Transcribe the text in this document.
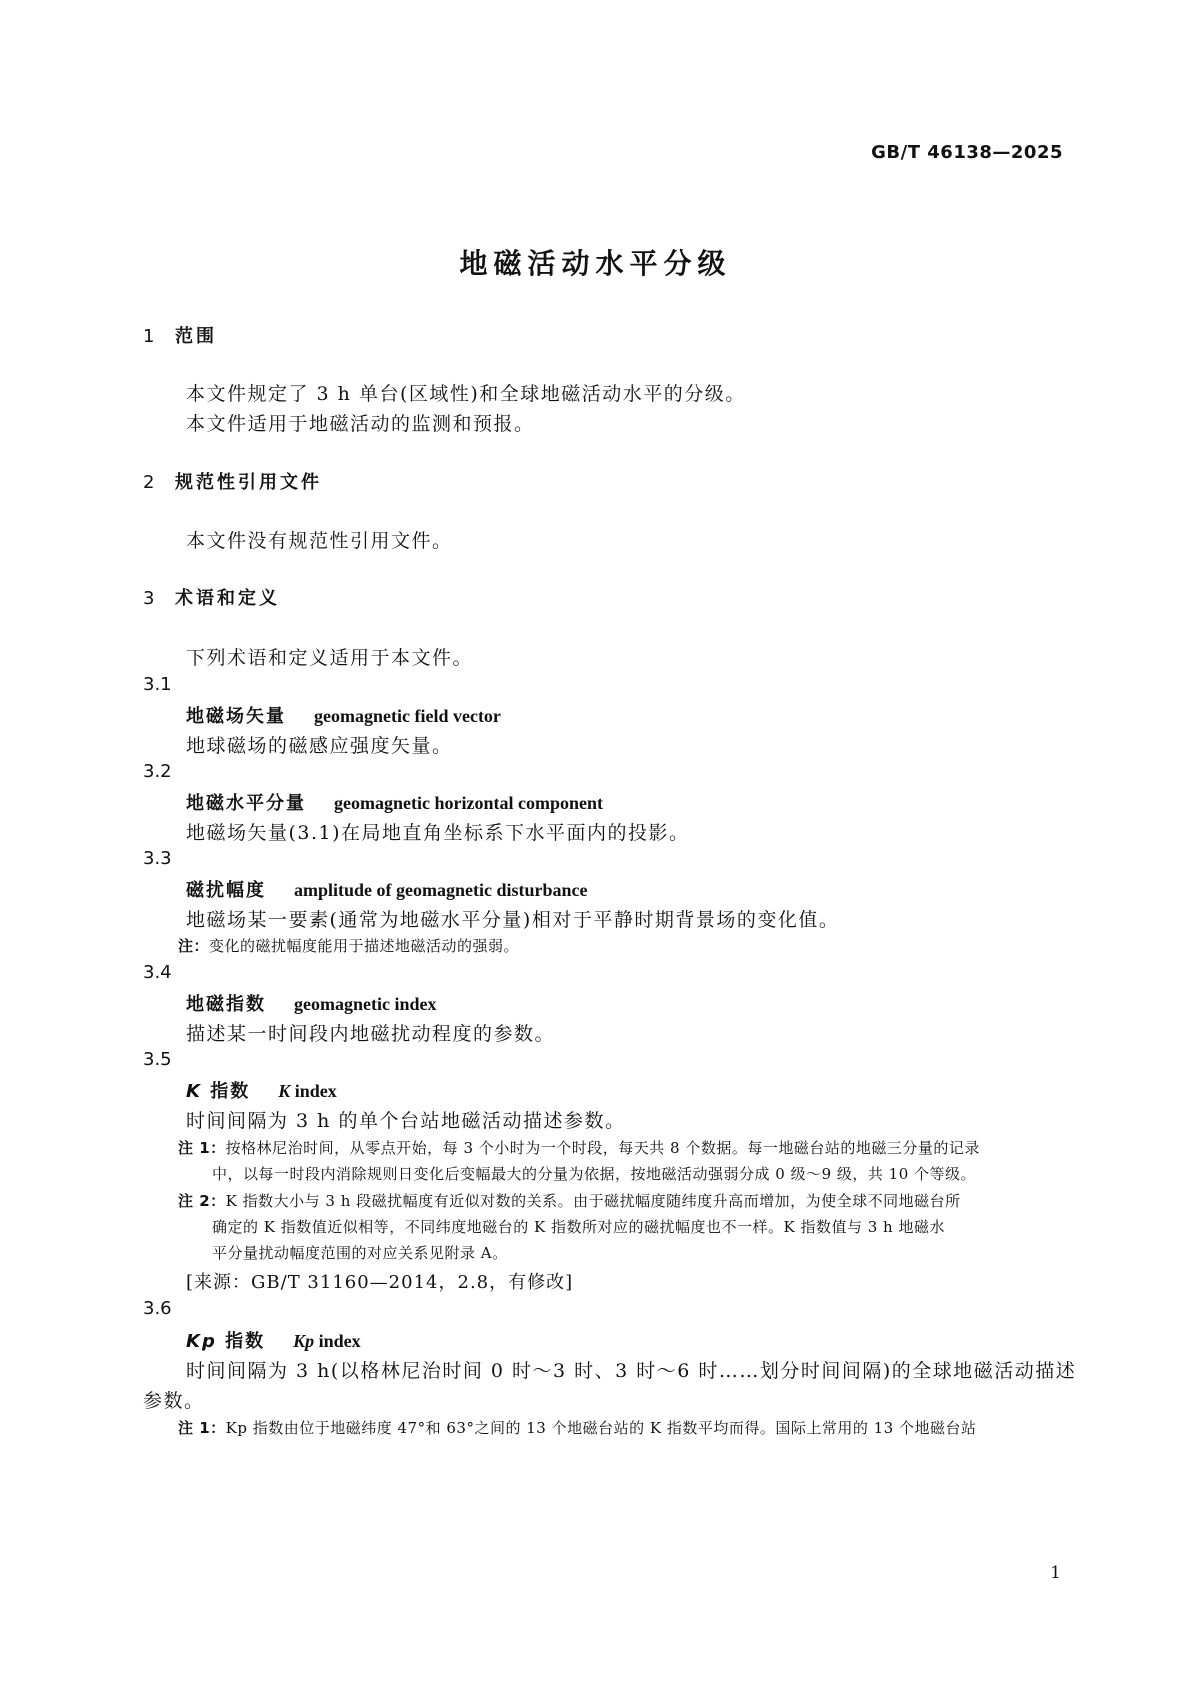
GB/T 46138—2025
地磁活动水平分级
1 范围
本文件规定了 3 h 单台(区域性)和全球地磁活动水平的分级。
本文件适用于地磁活动的监测和预报。
2 规范性引用文件
本文件没有规范性引用文件。
3 术语和定义
下列术语和定义适用于本文件。
3.1
地磁场矢量 geomagnetic field vector
地球磁场的磁感应强度矢量。
3.2
地磁水平分量 geomagnetic horizontal component
地磁场矢量(3.1)在局地直角坐标系下水平面内的投影。
3.3
磁扰幅度 amplitude of geomagnetic disturbance
地磁场某一要素(通常为地磁水平分量)相对于平静时期背景场的变化值。
注：变化的磁扰幅度能用于描述地磁活动的强弱。
3.4
地磁指数 geomagnetic index
描述某一时间段内地磁扰动程度的参数。
3.5
K 指数 K index
时间间隔为 3 h 的单个台站地磁活动描述参数。
注 1：按格林尼治时间，从零点开始，每 3 个小时为一个时段，每天共 8 个数据。每一地磁台站的地磁三分量的记录
中，以每一时段内消除规则日变化后变幅最大的分量为依据，按地磁活动强弱分成 0 级～9 级，共 10 个等级。
注 2：K 指数大小与 3 h 段磁扰幅度有近似对数的关系。由于磁扰幅度随纬度升高而增加，为使全球不同地磁台所
确定的 K 指数值近似相等，不同纬度地磁台的 K 指数所对应的磁扰幅度也不一样。K 指数值与 3 h 地磁水
平分量扰动幅度范围的对应关系见附录 A。
[来源：GB/T 31160—2014，2.8，有修改]
3.6
Kp 指数 Kp index
时间间隔为 3 h(以格林尼治时间 0 时～3 时、3 时～6 时……划分时间间隔)的全球地磁活动描述
参数。
注 1：Kp 指数由位于地磁纬度 47°和 63°之间的 13 个地磁台站的 K 指数平均而得。国际上常用的 13 个地磁台站
1
